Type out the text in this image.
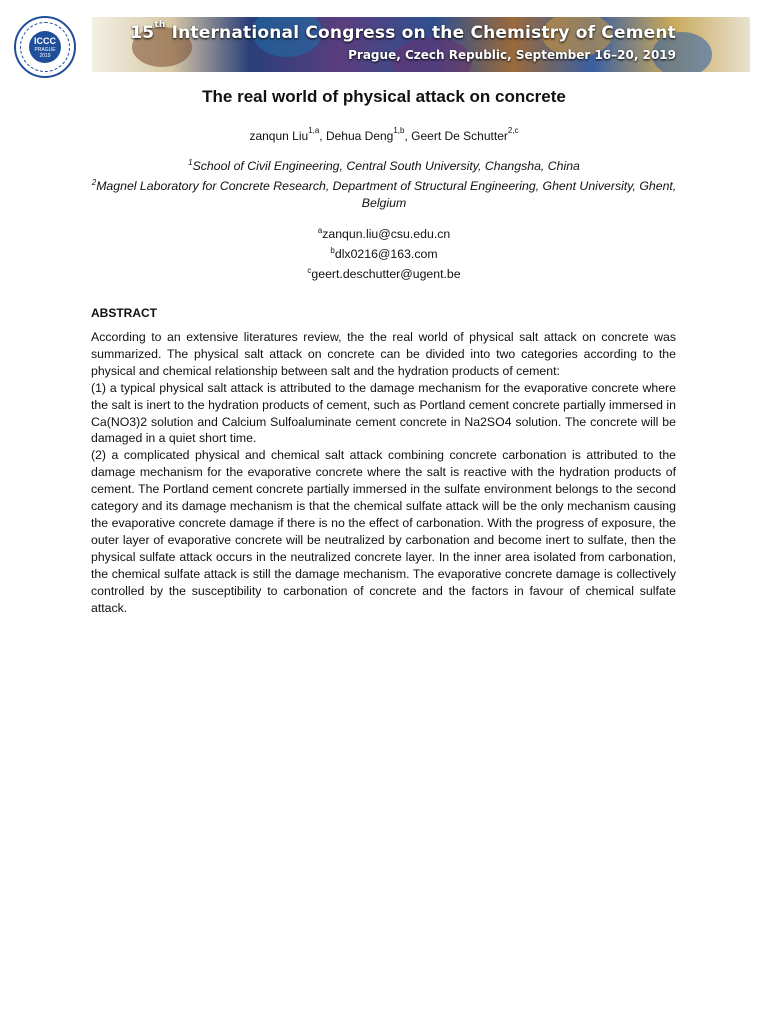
ICCC
PRAGUE
2019
15th International Congress on the Chemistry of Cement
Prague, Czech Republic, September 16–20, 2019
The real world of physical attack on concrete
zanqun Liu$^{1,a}$, Dehua Deng$^{1,b}$, Geert De Schutter$^{2,c}$
$^1$School of Civil Engineering, Central South University, Changsha, China
$^2$Magnel Laboratory for Concrete Research, Department of Structural Engineering, Ghent University, Ghent, Belgium
$^a$zanqun.liu@csu.edu.cn
$^b$dlx0216@163.com
$^c$geert.deschutter@ugent.be
ABSTRACT

According to an extensive literatures review, the the real world of physical salt attack on concrete was summarized. The physical salt attack on concrete can be divided into two categories according to the physical and chemical relationship between salt and the hydration products of cement:

(1) a typical physical salt attack is attributed to the damage mechanism for the evaporative concrete where the salt is inert to the hydration products of cement, such as Portland cement concrete partially immersed in Ca(NO3)2 solution and Calcium Sulfoaluminate cement concrete in Na2SO4 solution. The concrete will be damaged in a quiet short time.

(2) a complicated physical and chemical salt attack combining concrete carbonation is attributed to the damage mechanism for the evaporative concrete where the salt is reactive with the hydration products of cement. The Portland cement concrete partially immersed in the sulfate environment belongs to the second category and its damage mechanism is that the chemical sulfate attack will be the only mechanism causing the evaporative concrete damage if there is no the effect of carbonation. With the progress of exposure, the outer layer of evaporative concrete will be neutralized by carbonation and become inert to sulfate, then the physical sulfate attack occurs in the neutralized concrete layer. In the inner area isolated from carbonation, the chemical sulfate attack is still the damage mechanism. The evaporative concrete damage is collectively controlled by the susceptibility to carbonation of concrete and the factors in favour of chemical sulfate attack.
